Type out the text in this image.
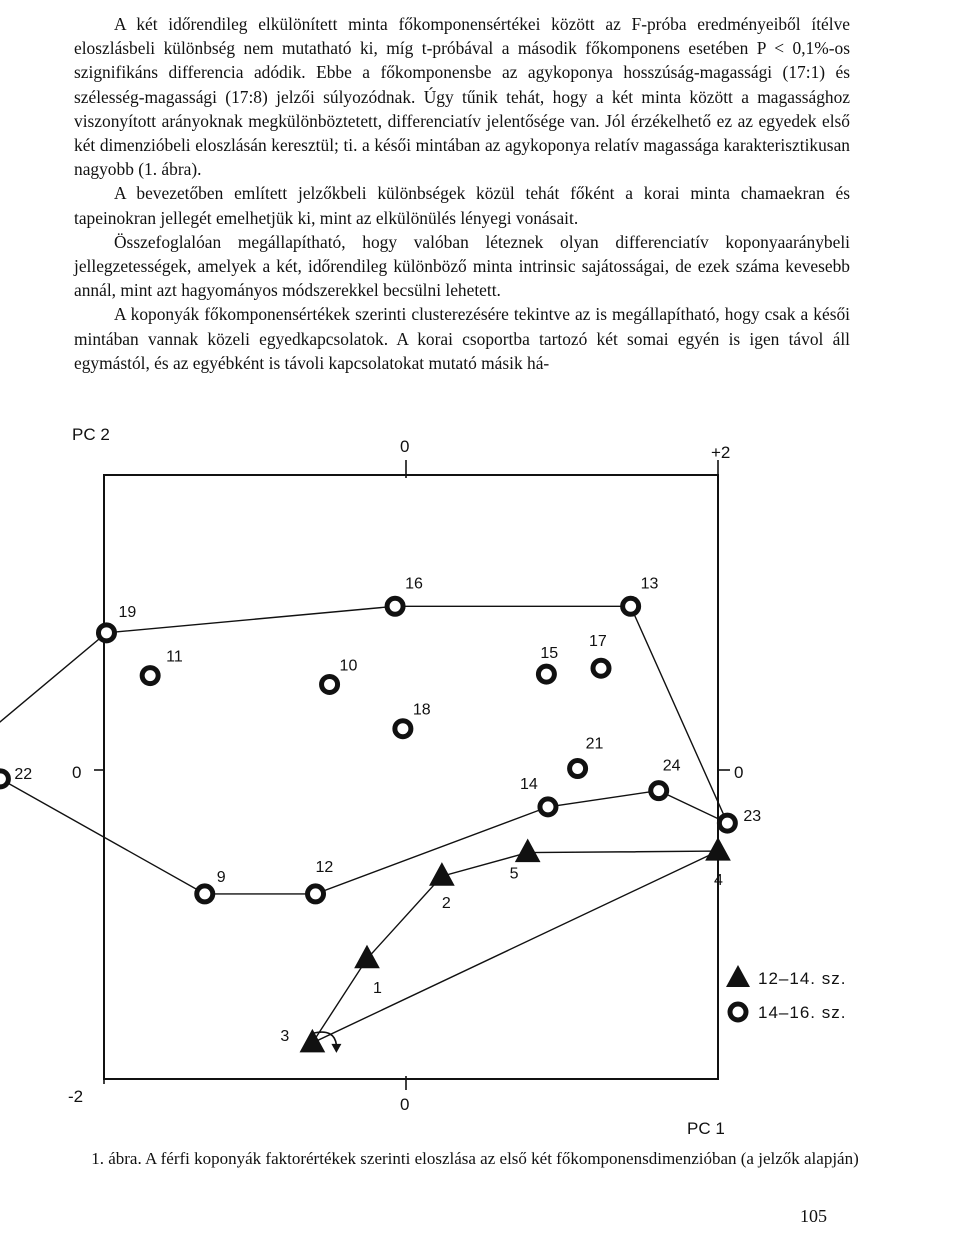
A két időrendileg elkülönített minta főkomponensértékei között az F-próba eredményeiből ítélve eloszlásbeli különbség nem mutatható ki, míg t-próbával a második főkomponens esetében P < 0,1%-os szignifikáns differencia adódik. Ebbe a főkomponensbe az agykoponya hosszúság-magassági (17:1) és szélesség-magassági (17:8) jelzői súlyozódnak. Úgy tűnik tehát, hogy a két minta között a magassághoz viszonyított arányoknak megkülönböztetett, differenciatív jelentősége van. Jól érzékelhető ez az egyedek első két dimenzióbeli eloszlásán keresztül; ti. a késői mintában az agykoponya relatív magassága karakterisztikusan nagyobb (1. ábra).

A bevezetőben említett jelzőkbeli különbségek közül tehát főként a korai minta chamaekran és tapeinokran jellegét emelhetjük ki, mint az elkülönülés lényegi vonásait.

Összefoglalóan megállapítható, hogy valóban léteznek olyan differenciatív koponyaaránybeli jellegzetességek, amelyek a két, időrendileg különböző minta intrinsic sajátosságai, de ezek száma kevesebb annál, mint azt hagyományos módszerekkel becsülni lehetett.

A koponyák főkomponensértékek szerinti clusterezésére tekintve az is megállapítható, hogy csak a késői mintában vannak közeli egyedkapcsolatok. A korai csoportba tartozó két somai egyén is igen távol áll egymástól, és az egyébként is távoli kapcsolatokat mutató másik há-

PC 2
PC 1
0	+2
-2	0
0	0
1
2
3
4
5
9
10
11
12
13
14
15
16
17
18
21
22
23
24
19
12–14. sz.
14–16. sz.
1. ábra. A férfi koponyák faktorértékek szerinti eloszlása az első két főkomponensdimenzióban (a jelzők alapján)
105
